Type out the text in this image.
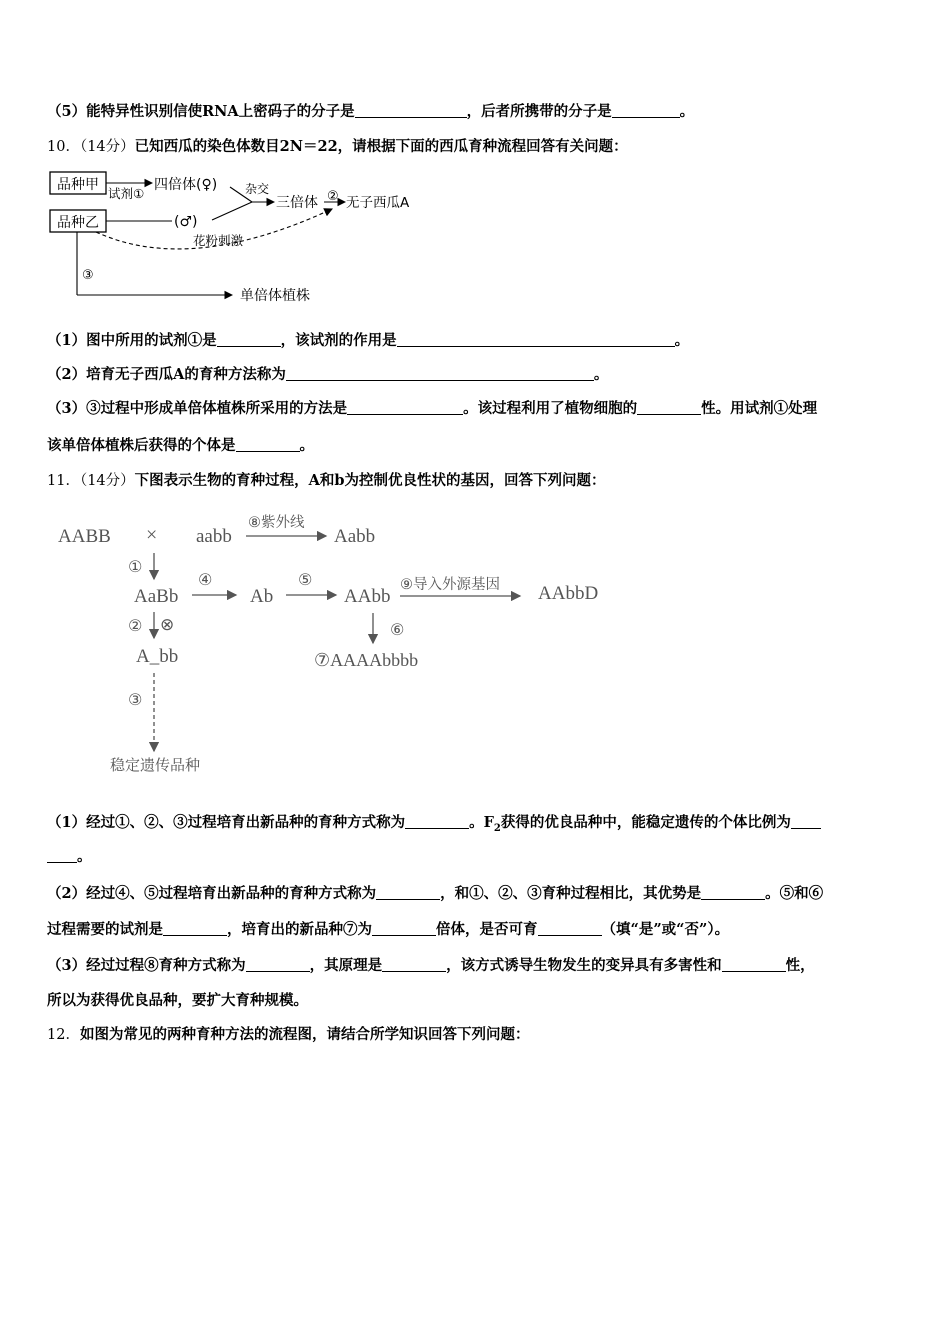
（5）能特异性识别信使RNA上密码子的分子是	，后者所携带的分子是	。
10．（14分）已知西瓜的染色体数目2N＝22，请根据下面的西瓜育种流程回答有关问题：
品种甲
品种乙
试剂①
四倍体(♀)
(♂)
杂交
三倍体 ② 无子西瓜A
花粉刺激
③
单倍体植株
（1）图中所用的试剂①是	，该试剂的作用是	。
（2）培育无子西瓜A的育种方法称为	。
（3）③过程中形成单倍体植株所采用的方法是	。该过程利用了植物细胞的	性。用试剂①处理
该单倍体植株后获得的个体是	。
11．（14分）下图表示生物的育种过程，A和b为控制优良性状的基因，回答下列问题：
AABB × aabb
⑧紫外线
Aabb
①
AaBb
④
Ab
⑤
AAbb
⑨导入外源基因 AAbbD
② ⊗	⑥
A_bb	⑦AAAAbbbb
③
稳定遗传品种
（1）经过①、②、③过程培育出新品种的育种方式称为	。$F_2$获得的优良品种中，能稳定遗传的个体比例为
。
（2）经过④、⑤过程培育出新品种的育种方式称为	，和①、②、③育种过程相比，其优势是	。⑤和⑥
过程需要的试剂是	，培育出的新品种⑦为	倍体，是否可育	（填“是”或“否”）。
（3）经过过程⑧育种方式称为	，其原理是	，该方式诱导生物发生的变异具有多害性和	性，
所以为获得优良品种，要扩大育种规模。
12．如图为常见的两种育种方法的流程图，请结合所学知识回答下列问题：
